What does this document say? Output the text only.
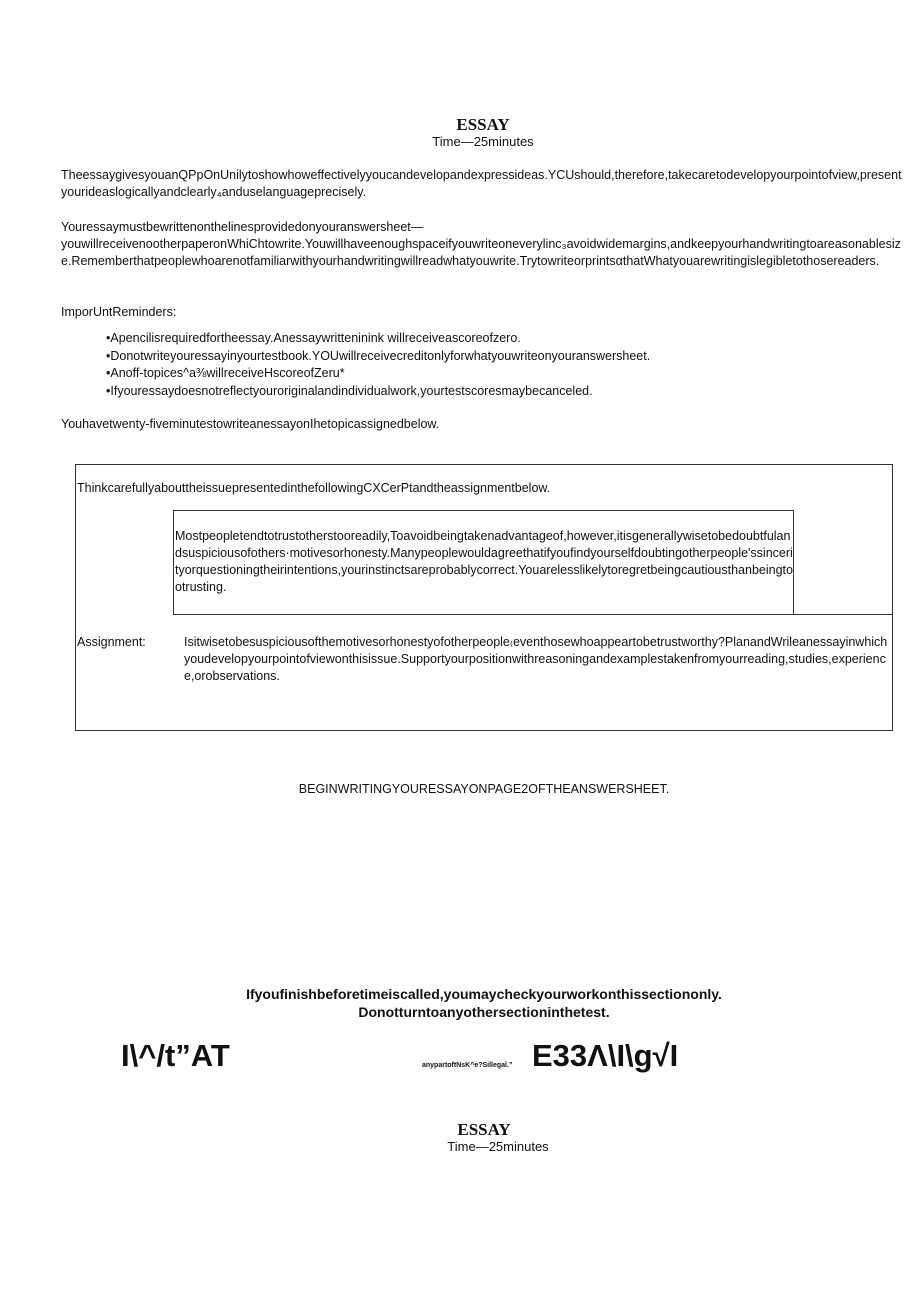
ESSAY
Time—25minutes
TheessaygivesyouanQPpOnUnilytoshowhoweffectivelyyoucandevelopandexpressideas.YCUshould,therefore,takecaretodevelopyourpointofview,presentyourideaslogicallyandclearly₄anduselanguageprecisely.
Youressaymustbewrittenonthelinesprovidedonyouranswersheet—
youwillreceivenootherpaperonWhiChtowrite.Youwillhaveenoughspaceifyouwriteoneverylinc₃avoidwidemargins,andkeepyourhandwritingtoareasonablesize.Rememberthatpeoplewhoarenotfamiliarwithyourhandwritingwillreadwhatyouwrite.TrytowriteorprintsαthatWhatyouarewritingislegibletothosereaders.
ImporUntReminders:
•Apencilisrequiredfortheessay.Anessaywritteninink willreceiveascoreofzero.
•Donotwriteyouressayinyourtestbook.YOUwillreceivecreditonlyforwhatyouwriteonyouranswersheet.
•Anoff-topices^a⅜willreceiveHscoreofZeru*
•Ifyouressaydoesnotreflectyouroriginalandindividualwork,yourtestscoresmaybecanceled.
Youhavetwenty-fiveminutestowriteanessayonIhetopicassignedbelow.
ThinkcarefullyabouttheissuepresentedinthefollowingCXCerPtandtheassignmentbelow.
Mostpeopletendtotrustotherstooreadily,Toavoidbeingtakenadvantageof,however,itisgenerallywisetobedoubtfulandsuspiciousofothers·motivesorhonesty.Manypeoplewouldagreethatifyoufindyourselfdoubtingotherpeople'ssincerityorquestioningtheirintentions,yourinstinctsareprobablycorrect.Youarelesslikelytoregretbeingcautiousthanbeingtootrusting.
Assignment:	Isitwisetobesuspiciousofthemotivesorhonestyofotherpeople₍eventhosewhoappeartobetrustworthy?PlanandWrileanessayinwhichyoudevelopyourpointofviewonthisissue.Supportyourpositionwithreasoningandexamplestakenfromyourreading,studies,experience,orobservations.
BEGINWRITINGYOURESSAYONPAGE2OFTHEANSWERSHEET.
Ifyoufinishbeforetimeiscalled,youmaycheckyourworkonthissectiononly.
Donotturntoanyothersectioninthetest.
I\^/t”AT	anypartoftNsK^e?Sillegal.” E33Λ\I\g√I
ESSAY
Time—25minutes
